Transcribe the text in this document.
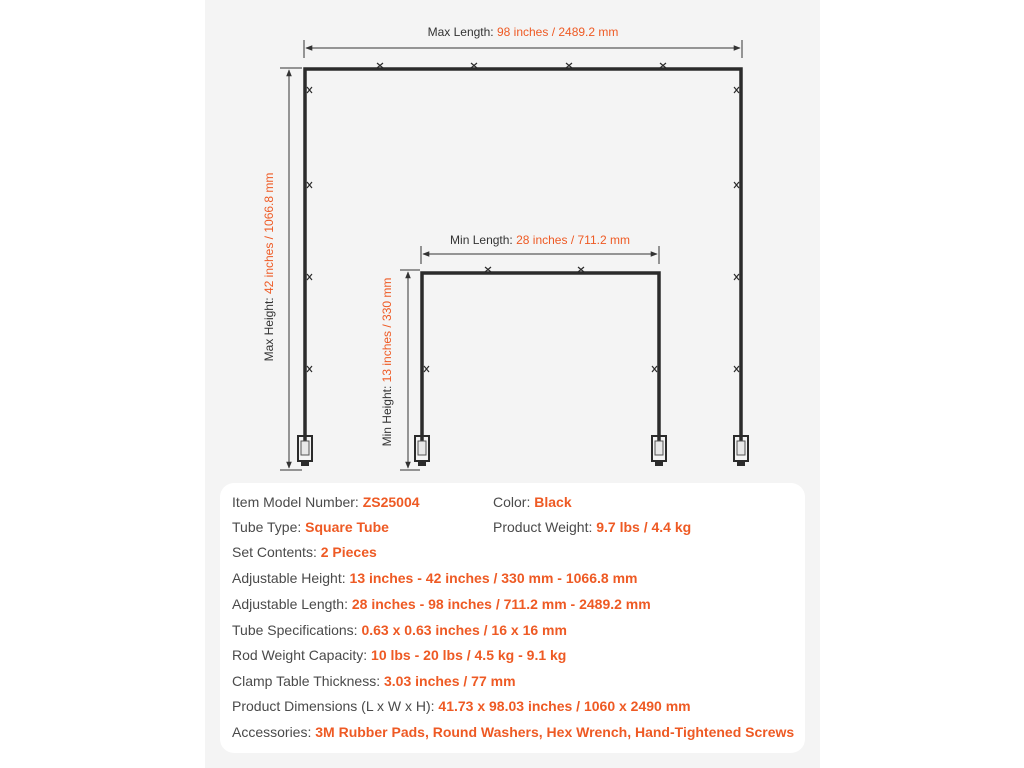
Max Length: 98 inches / 2489.2 mm
Max Height: 42 inches / 1066.8 mm	Min Length: 28 inches / 711.2 mm
Min Height: 13 inches / 330 mm
Item Model Number: ZS25004	Color: Black
Tube Type: Square Tube	Product Weight: 9.7 lbs / 4.4 kg
Set Contents: 2 Pieces
Adjustable Height: 13 inches - 42 inches / 330 mm - 1066.8 mm
Adjustable Length: 28 inches - 98 inches / 711.2 mm - 2489.2 mm
Tube Specifications: 0.63 x 0.63 inches / 16 x 16 mm
Rod Weight Capacity: 10 lbs - 20 lbs / 4.5 kg - 9.1 kg
Clamp Table Thickness: 3.03 inches / 77 mm
Product Dimensions (L x W x H): 41.73 x 98.03 inches / 1060 x 2490 mm
Accessories: 3M Rubber Pads, Round Washers, Hex Wrench, Hand-Tightened Screws
